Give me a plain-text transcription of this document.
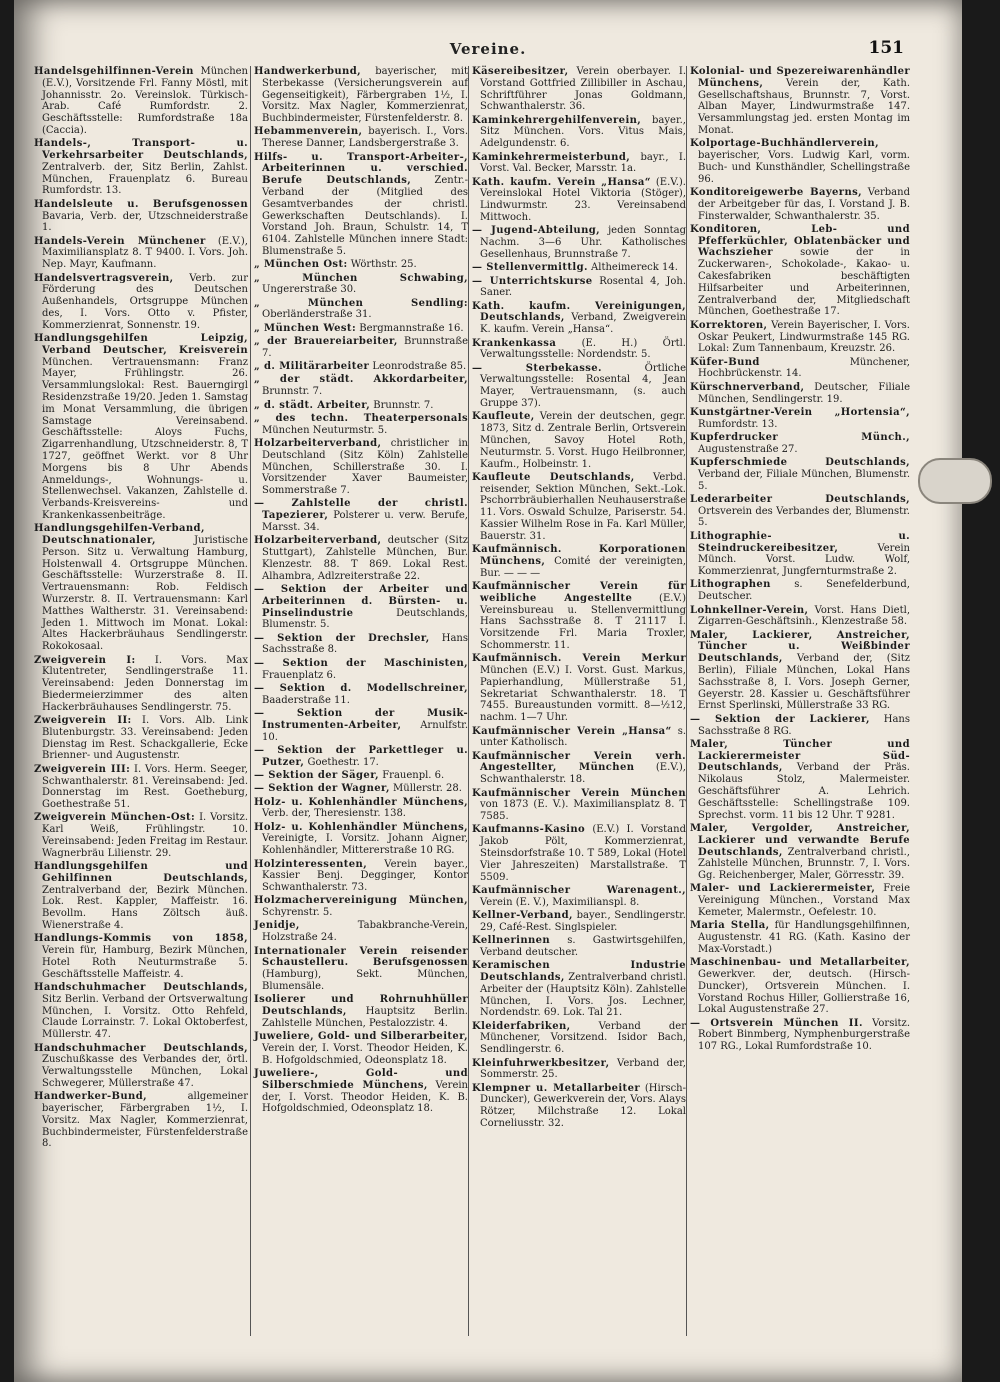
Vereine.	151
Handelsgehilfinnen-Verein München (E.V.), Vorsitzende Frl. Fanny Möstl, mit Johannisstr. 2o. Vereinslok. Türkisch-Arab. Café Rumfordstr. 2. Geschäftsstelle: Rumfordstraße 18a (Caccia).
Handels-, Transport- u. Verkehrsarbeiter Deutschlands, Zentralverb. der, Sitz Berlin, Zahlst. München, Frauenplatz 6. Bureau Rumfordstr. 13.
Handelsleute u. Berufsgenossen Bavaria, Verb. der, Utzschneiderstraße 1.
Handels-Verein Münchener (E.V.), Maximiliansplatz 8. T 9400. I. Vors. Joh. Nep. Mayr, Kaufmann.
Handelsvertragsverein, Verb. zur Förderung des Deutschen Außenhandels, Ortsgruppe München des, I. Vors. Otto v. Pfister, Kommerzienrat, Sonnenstr. 19.
Handlungsgehilfen Leipzig, Verband Deutscher, Kreisverein München. Vertrauensmann: Franz Mayer, Frühlingstr. 26. Versammlungslokal: Rest. Bauerngirgl Residenzstraße 19/20. Jeden 1. Samstag im Monat Versammlung, die übrigen Samstage Vereinsabend. Geschäftsstelle: Aloys Fuchs, Zigarrenhandlung, Utzschneiderstr. 8, T 1727, geöffnet Werkt. vor 8 Uhr Morgens bis 8 Uhr Abends Anmeldungs-, Wohnungs- u. Stellenwechsel. Vakanzen, Zahlstelle d. Verbands-Kreisvereins- und Krankenkassenbeiträge.
Handlungsgehilfen-Verband, Deutschnationaler,	Juristische Person. Sitz u. Verwaltung Hamburg, Holstenwall 4. Ortsgruppe München. Geschäftsstelle: Wurzerstraße 8. II. Vertrauensmann: Rob. Feldisch Wurzerstr. 8. II. Vertrauensmann: Karl Matthes Waltherstr. 31. Vereinsabend: Jeden 1. Mittwoch im Monat. Lokal: Altes Hackerbräuhaus Sendlingerstr. Rokokosaal.
Zweigverein I: I. Vors. Max Klutentreter, Sendlingerstraße 11. Vereinsabend: Jeden Donnerstag im Biedermeierzimmer des alten Hackerbräuhauses Sendlingerstr. 75.
Zweigverein II: I. Vors. Alb. Link Blutenburgstr. 33. Vereinsabend: Jeden Dienstag im Rest. Schackgallerie, Ecke Brienner- und Augustenstr.
Zweigverein III: I. Vors. Herm. Seeger, Schwanthalerstr. 81. Vereinsabend: Jed. Donnerstag im Rest. Goetheburg, Goethestraße 51.
Zweigverein München-Ost: I. Vorsitz. Karl Weiß, Frühlingstr. 10. Vereinsabend: Jeden Freitag im Restaur. Wagnerbräu Lilienstr. 29.
Handlungsgehilfen und Gehilfinnen Deutschlands, Zentralverband der, Bezirk München. Lok. Rest. Kappler, Maffeistr. 16. Bevollm. Hans Zöltsch äuß. Wienerstraße 4.
Handlungs-Kommis von 1858, Verein für, Hamburg, Bezirk München, Hotel Roth Neuturmstraße 5. Geschäftsstelle Maffeistr. 4.
Handschuhmacher Deutschlands, Sitz Berlin. Verband der Ortsverwaltung München, I. Vorsitz. Otto Rehfeld, Claude Lorrainstr. 7. Lokal Oktoberfest, Müllerstr. 47.
Handschuhmacher Deutschlands, Zuschußkasse des Verbandes der, örtl. Verwaltungsstelle München, Lokal Schwegerer, Müllerstraße 47.
Handwerker-Bund,	allgemeiner bayerischer, Färbergraben 1½, I. Vorsitz. Max Nagler, Kommerzienrat, Buchbindermeister, Fürstenfelderstraße 8.
Handwerkerbund, bayerischer, mit Sterbekasse (Versicherungsverein auf Gegenseitigkeit), Färbergraben 1½, I. Vorsitz. Max Nagler, Kommerzienrat, Buchbindermeister, Fürstenfelderstr. 8.
Hebammenverein, bayerisch. I., Vors. Therese Danner, Landsbergerstraße 3.
Hilfs- u. Transport-Arbeiter-, Arbeiterinnen u. verschied. Berufe Deutschlands, Zentr.-Verband der (Mitglied des Gesamtverbandes der christl. Gewerkschaften Deutschlands). I. Vorstand Joh. Braun, Schulstr. 14, T 6104. Zahlstelle München innere Stadt: Blumenstraße 5.
„ München Ost: Wörthstr. 25.
„ München Schwabing, Ungererstraße 30.
„ München Sendling: Oberländerstraße 31.
„ München West: Bergmannstraße 16.
„ der Brauereiarbeiter, Brunnstraße 7.
„ d. Militärarbeiter Leonrodstraße 85.
„ der städt. Akkordarbeiter, Brunnstr. 7.
„ d. städt. Arbeiter, Brunnstr. 7.
„ des techn. Theaterpersonals München Neuturmstr. 5.
Holzarbeiterverband, christlicher in Deutschland (Sitz Köln) Zahlstelle München, Schillerstraße 30. I. Vorsitzender Xaver Baumeister, Sommerstraße 7.
— Zahlstelle der christl. Tapezierer, Polsterer u. verw. Berufe, Marsst. 34.
Holzarbeiterverband, deutscher (Sitz Stuttgart), Zahlstelle München, Bur. Klenzestr. 88. T 869. Lokal Rest. Alhambra, Adlzreiterstraße 22.
— Sektion der Arbeiter und Arbeiterinnen d. Bürsten- u. Pinselindustrie	Deutschlands, Blumenstr. 5.
— Sektion der Drechsler, Hans Sachsstraße 8.
— Sektion der Maschinisten, Frauenplatz 6.
— Sektion d. Modellschreiner, Baaderstraße 11.
— Sektion der Musik-Instrumenten-Arbeiter, Arnulfstr. 10.
— Sektion der Parkettleger u. Putzer, Goethestr. 17.
— Sektion der Säger, Frauenpl. 6.
— Sektion der Wagner, Müllerstr. 28.
Holz- u. Kohlenhändler Münchens, Verb. der, Theresienstr. 138.
Holz- u. Kohlenhändler Münchens, Vereinigte, I. Vorsitz. Johann Aigner, Kohlenhändler, Mittererstraße 10 RG.
Holzinteressenten, Verein bayer., Kassier Benj. Degginger, Kontor Schwanthalerstr. 73.
Holzmachervereinigung München, Schyrenstr. 5.
Jenidje,	Tabakbranche-Verein, Holzstraße 24.
Internationaler Verein reisender Schaustelleru. Berufsgenossen (Hamburg), Sekt. München, Blumensäle.
Isolierer und Rohrnuhhüller Deutschlands, Hauptsitz Berlin. Zahlstelle München, Pestalozzistr. 4.
Juweliere, Gold- und Silberarbeiter, Verein der, I. Vorst. Theodor Heiden, K. B. Hofgoldschmied, Odeonsplatz 18.
Juweliere-, Gold- und Silberschmiede Münchens, Verein der, I. Vorst. Theodor Heiden, K. B. Hofgoldschmied, Odeonsplatz 18.
Käsereibesitzer, Verein oberbayer. I. Vorstand Gottfried Zillibiller in Aschau, Schriftführer Jonas Goldmann, Schwanthalerstr. 36.
Kaminkehrergehilfenverein, bayer., Sitz München. Vors. Vitus Mais, Adelgundenstr. 6.
Kaminkehrermeisterbund, bayr., I. Vorst. Val. Becker, Marsstr. 1a.
Kath. kaufm. Verein „Hansa“ (E.V.). Vereinslokal Hotel Viktoria (Stöger), Lindwurmstr. 23. Vereinsabend Mittwoch.
— Jugend-Abteilung, jeden Sonntag Nachm. 3—6 Uhr. Katholisches Gesellenhaus, Brunnstraße 7.
— Stellenvermittlg. Altheimereck 14.
— Unterrichtskurse Rosental 4, Joh. Saner.
Kath. kaufm. Vereinigungen, Deutschlands, Verband, Zweigverein K. kaufm. Verein „Hansa“.
Krankenkassa	(E. H.) Örtl. Verwaltungsstelle: Nordendstr. 5.
— Sterbekasse.	Örtliche Verwaltungsstelle: Rosental 4, Jean Mayer, Vertrauensmann, (s. auch Gruppe 37).
Kaufleute, Verein der deutschen, gegr. 1873, Sitz d. Zentrale Berlin, Ortsverein München, Savoy Hotel Roth, Neuturmstr. 5. Vorst. Hugo Heilbronner, Kaufm., Holbeinstr. 1.
Kaufleute Deutschlands, Verbd. reisender, Sektion München, Sekt.-Lok. Pschorrbräubierhallen Neuhauserstraße 11. Vors. Oswald Schulze, Pariserstr. 54. Kassier Wilhelm Rose in Fa. Karl Müller, Bauerstr. 31.
Kaufmännisch. Korporationen Münchens, Comité der vereinigten, Bur. — — —
Kaufmännischer Verein für weibliche Angestellte	(E.V.) Vereinsbureau u. Stellenvermittlung Hans Sachsstraße 8. T 21117 I. Vorsitzende Frl. Maria Troxler, Schommerstr. 11.
Kaufmännisch. Verein Merkur München (E.V.) I. Vorst. Gust. Markus, Papierhandlung, Müllerstraße 51, Sekretariat Schwanthalerstr. 18. T 7455. Bureaustunden vormitt. 8—½12, nachm. 1—7 Uhr.
Kaufmännischer Verein „Hansa“ s. unter Katholisch.
Kaufmännischer Verein verh. Angestellter, München (E.V.), Schwanthalerstr. 18.
Kaufmännischer Verein München von 1873 (E. V.). Maximiliansplatz 8. T 7585.
Kaufmanns-Kasino (E.V.) I. Vorstand Jakob Pölt, Kommerzienrat, Steinsdorfstraße 10. T 589, Lokal (Hotel Vier Jahreszeiten) Marstallstraße. T 5509.
Kaufmännischer Warenagent., Verein (E. V.), Maximilianspl. 8.
Kellner-Verband, bayer., Sendlingerstr. 29, Café-Rest. Singlspieler.
Kellnerinnen s. Gastwirtsgehilfen, Verband deutscher.
Keramischen Industrie Deutschlands, Zentralverband christl. Arbeiter der (Hauptsitz Köln). Zahlstelle München, I. Vors. Jos. Lechner, Nordendstr. 69. Lok. Tal 21.
Kleiderfabriken,	Verband der Münchener, Vorsitzend. Isidor Bach, Sendlingerstr. 6.
Kleinfuhrwerkbesitzer, Verband der, Sommerstr. 25.
Klempner u. Metallarbeiter (Hirsch-Duncker), Gewerkverein der, Vors. Alays Rötzer, Milchstraße 12. Lokal Corneliusstr. 32.
Kolonial- und Spezereiwarenhändler Münchens, Verein der, Kath. Gesellschaftshaus, Brunnstr. 7, Vorst. Alban Mayer, Lindwurmstraße 147. Versammlungstag jed. ersten Montag im Monat.
Kolportage-Buchhändlerverein, bayerischer, Vors. Ludwig Karl, vorm. Buch- und Kunsthändler, Schellingstraße 96.
Konditoreigewerbe Bayerns, Verband der Arbeitgeber für das, I. Vorstand J. B. Finsterwalder, Schwanthalerstr. 35.
Konditoren, Leb- und Pfefferküchler, Oblatenbäcker und Wachszieher	sowie der in Zuckerwaren-, Schokolade-, Kakao- u. Cakesfabriken beschäftigten Hilfsarbeiter und Arbeiterinnen, Zentralverband der, Mitgliedschaft München, Goethestraße 17.
Korrektoren, Verein Bayerischer, I. Vors. Oskar Peukert, Lindwurmstraße 145 RG. Lokal: Zum Tannenbaum, Kreuzstr. 26.
Küfer-Bund	Münchener, Hochbrückenstr. 14.
Kürschnerverband, Deutscher, Filiale München, Sendlingerstr. 19.
Kunstgärtner-Verein „Hortensia“, Rumfordstr. 13.
Kupferdrucker Münch., Augustenstraße 27.
Kupferschmiede Deutschlands, Verband der, Filiale München, Blumenstr. 5.
Lederarbeiter Deutschlands, Ortsverein des Verbandes der, Blumenstr. 5.
Lithographie- u. Steindruckereibesitzer,	Verein Münch. Vorst. Ludw. Wolf, Kommerzienrat, Jungfernturmstraße 2.
Lithographen s. Senefelderbund, Deutscher.
Lohnkellner-Verein, Vorst. Hans Dietl, Zigarren-Geschäftsinh., Klenzestraße 58.
Maler, Lackierer, Anstreicher, Tüncher u. Weißbinder Deutschlands, Verband der, (Sitz Berlin), Filiale München, Lokal Hans Sachsstraße 8, I. Vors. Joseph Gerner, Geyerstr. 28. Kassier u. Geschäftsführer Ernst Sperlinski, Müllerstraße 33 RG.
— Sektion der Lackierer, Hans Sachsstraße 8 RG.
Maler, Tüncher und Lackierermeister Süd-Deutschlands, Verband der Präs. Nikolaus Stolz, Malermeister. Geschäftsführer A. Lehrich. Geschäftsstelle: Schellingstraße 109. Sprechst. vorm. 11 bis 12 Uhr. T 9281.
Maler, Vergolder, Anstreicher, Lackierer und verwandte Berufe Deutschlands, Zentralverband christl., Zahlstelle München, Brunnstr. 7, I. Vors. Gg. Reichenberger, Maler, Görresstr. 39.
Maler- und Lackierermeister, Freie Vereinigung München., Vorstand Max Kemeter, Malermstr., Oefelestr. 10.
Maria Stella, für Handlungsgehilfinnen, Augustenstr. 41 RG. (Kath. Kasino der Max-Vorstadt.)
Maschinenbau- und Metallarbeiter, Gewerkver. der, deutsch. (Hirsch-Duncker), Ortsverein München. I. Vorstand Rochus Hiller, Gollierstraße 16, Lokal Augustenstraße 27.
— Ortsverein München II. Vorsitz. Robert Binmberg, Nymphenburgerstraße 107 RG., Lokal Rumfordstraße 10.
